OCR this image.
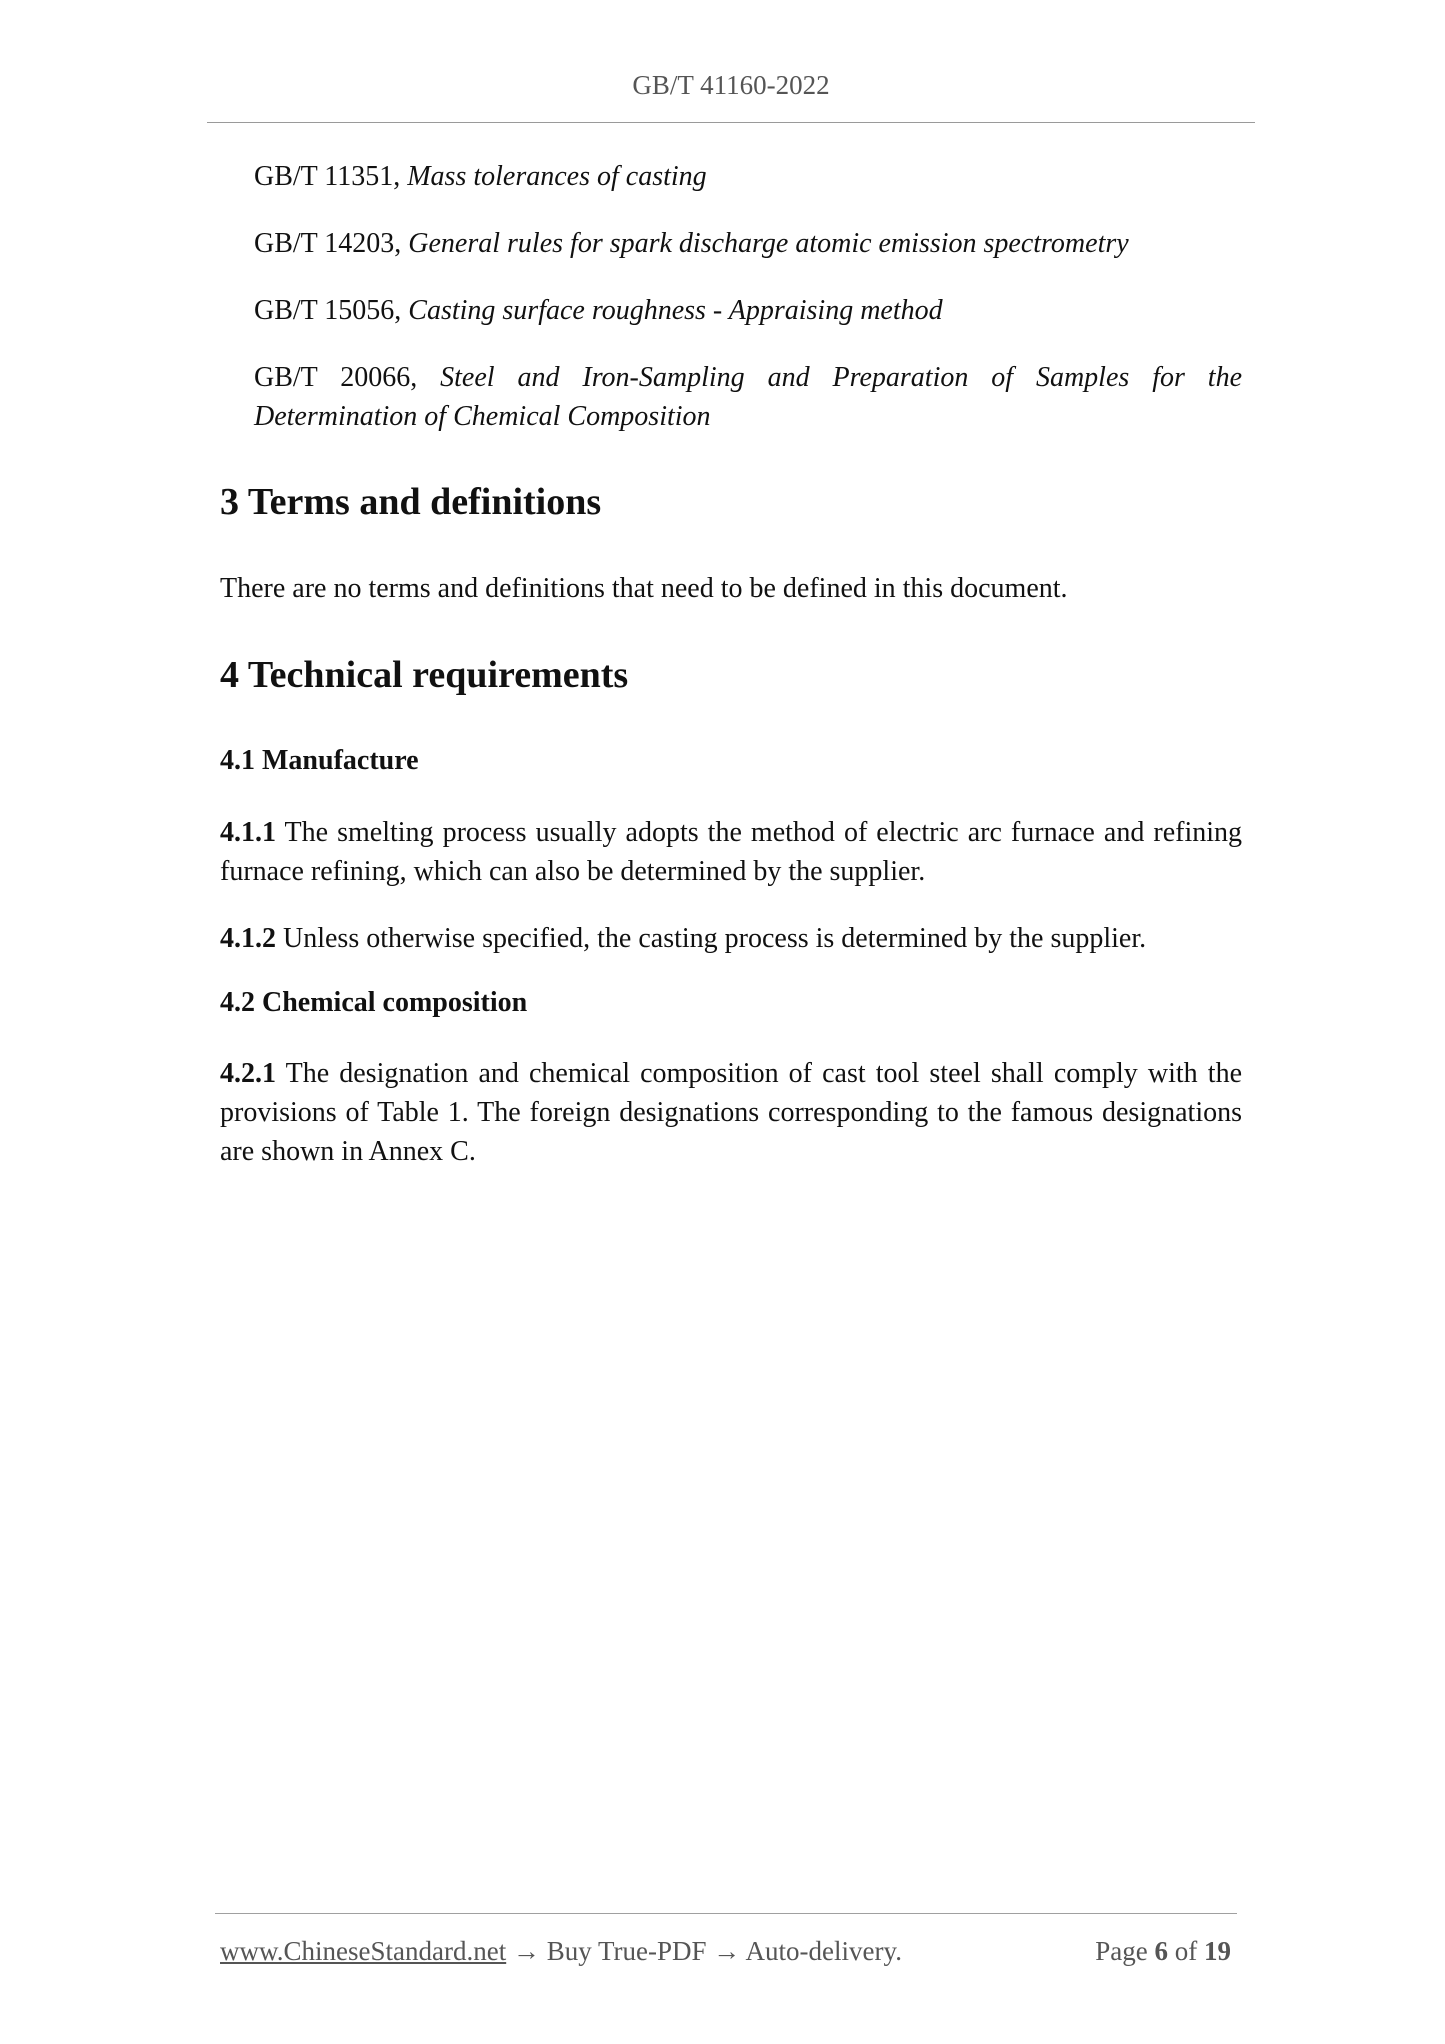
GB/T 41160-2022
GB/T 11351, Mass tolerances of casting
GB/T 14203, General rules for spark discharge atomic emission spectrometry
GB/T 15056, Casting surface roughness - Appraising method
GB/T 20066, Steel and Iron-Sampling and Preparation of Samples for the Determination of Chemical Composition
3 Terms and definitions

There are no terms and definitions that need to be defined in this document.

4 Technical requirements
4.1 Manufacture

4.1.1 The smelting process usually adopts the method of electric arc furnace and refining furnace refining, which can also be determined by the supplier.

4.1.2 Unless otherwise specified, the casting process is determined by the supplier.

4.2 Chemical composition

4.2.1 The designation and chemical composition of cast tool steel shall comply with the provisions of Table 1. The foreign designations corresponding to the famous designations are shown in Annex C.

www.ChineseStandard.net → Buy True-PDF → Auto-delivery.	Page 6 of 19
